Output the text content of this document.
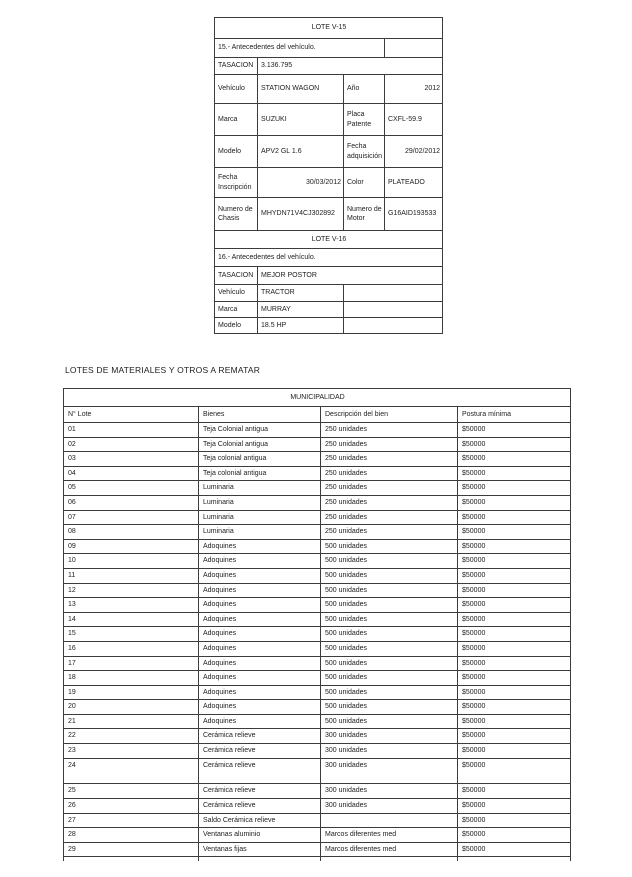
LOTE V-15			
15.- Antecedentes del vehículo.			
TASACION	3.136.795		
Vehículo	STATION WAGON	Año	2012
Marca	SUZUKI	Placa Patente	CXFL-59.9
Modelo	APV2 GL 1.6	Fecha adquisición	29/02/2012
Fecha Inscripción	30/03/2012	Color	PLATEADO
Numero de Chasis	MHYDN71V4CJ302892	Numero de Motor	G16AID193533
LOTE V-16			
16.- Antecedentes del vehículo.			
TASACION	MEJOR POSTOR		
Vehículo	TRACTOR		
Marca	MURRAY		
Modelo	18.5 HP		
LOTES DE MATERIALES Y OTROS A REMATAR
MUNICIPALIDAD			
N° Lote	Bienes	Descripción del bien	Postura mínima
01	Teja Colonial antigua	250 unidades	$50000
02	Teja Colonial antigua	250 unidades	$50000
03	Teja colonial antigua	250 unidades	$50000
04	Teja colonial antigua	250 unidades	$50000
05	Luminaria	250 unidades	$50000
06	Luminaria	250 unidades	$50000
07	Luminaria	250 unidades	$50000
08	Luminaria	250 unidades	$50000
09	Adoquines	500 unidades	$50000
10	Adoquines	500 unidades	$50000
11	Adoquines	500 unidades	$50000
12	Adoquines	500 unidades	$50000
13	Adoquines	500 unidades	$50000
14	Adoquines	500 unidades	$50000
15	Adoquines	500 unidades	$50000
16	Adoquines	500 unidades	$50000
17	Adoquines	500 unidades	$50000
18	Adoquines	500 unidades	$50000
19	Adoquines	500 unidades	$50000
20	Adoquines	500 unidades	$50000
21	Adoquines	500 unidades	$50000
22	Cerámica relieve	300 unidades	$50000
23	Cerámica relieve	300 unidades	$50000
24	Cerámica relieve	300 unidades	$50000
25	Cerámica relieve	300 unidades	$50000
26	Cerámica relieve	300 unidades	$50000
27	Saldo Cerámica relieve		$50000
28	Ventanas aluminio	Marcos diferentes med	$50000
29	Ventanas fijas	Marcos diferentes med	$50000
